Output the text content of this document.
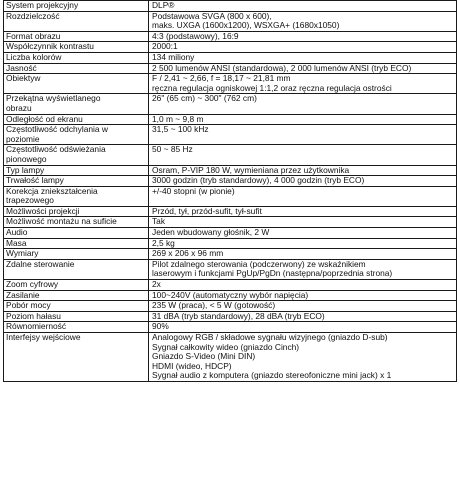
System projekcyjny	DLP®
Rozdzielczość	Podstawowa SVGA (800 x 600),
maks. UXGA (1600x1200), WSXGA+ (1680x1050)
Format obrazu	4:3 (podstawowy), 16:9
Współczynnik kontrastu	2000:1
Liczba kolorów	134 miliony
Jasność	2 500 lumenów ANSI (standardowa), 2 000 lumenów ANSI (tryb ECO)
Obiektyw	F / 2,41 ~ 2,66, f = 18,17 ~ 21,81 mm
ręczna regulacja ogniskowej 1:1,2 oraz ręczna regulacja ostrości
Przekątna wyświetlanego
obrazu	26" (65 cm) ~ 300" (762 cm)
Odległość od ekranu	1,0 m ~ 9,8 m
Częstotliwość odchylania w
poziomie	31,5 ~ 100 kHz
Częstotliwość odświeżania
pionowego	50 ~ 85 Hz
Typ lampy	Osram, P-VIP 180 W, wymieniana przez użytkownika
Trwałość lampy	3000 godzin (tryb standardowy), 4 000 godzin (tryb ECO)
Korekcja zniekształcenia
trapezowego	+/-40 stopni (w pionie)
Możliwości projekcji	Przód, tył, przód-sufit, tył-sufit
Możliwość montażu na suficie	Tak
Audio	Jeden wbudowany głośnik, 2 W
Masa	2,5 kg
Wymiary	269 x 206 x 96 mm
Zdalne sterowanie	Pilot zdalnego sterowania (podczerwony) ze wskaźnikiem
laserowym i funkcjami PgUp/PgDn (następna/poprzednia strona)
Zoom cyfrowy	2x
Zasilanie	100~240V (automatyczny wybór napięcia)
Pobór mocy	235 W (praca), < 5 W (gotowość)
Poziom hałasu	31 dBA (tryb standardowy), 28 dBA (tryb ECO)
Równomierność	90%
Interfejsy wejściowe	Analogowy RGB / składowe sygnału wizyjnego (gniazdo D-sub)
Sygnał całkowity wideo (gniazdo Cinch)
Gniazdo S-Video (Mini DIN)
HDMI (wideo, HDCP)
Sygnał audio z komputera (gniazdo stereofoniczne mini jack) x 1
